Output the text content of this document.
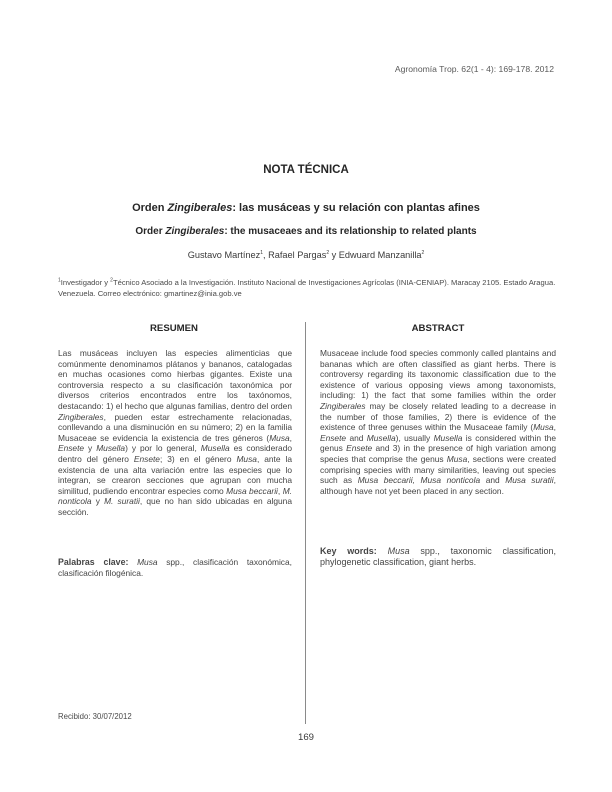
Agronomía Trop. 62(1 - 4): 169-178. 2012
NOTA TÉCNICA
Orden Zingiberales: las musáceas y su relación con plantas afines
Order Zingiberales: the musaceaes and its relationship to related plants
Gustavo Martínez$^1$, Rafael Pargas$^2$ y Edwuard Manzanilla$^2$
$^1$Investigador y $^2$Técnico Asociado a la Investigación. Instituto Nacional de Investigaciones Agrícolas (INIA-CENIAP). Maracay 2105. Estado Aragua. Venezuela. Correo electrónico: gmartinez@inia.gob.ve
RESUMEN	ABSTRACT
Las musáceas incluyen las especies alimenticias que comúnmente denominamos plátanos y bananos, catalogadas en muchas ocasiones como hierbas gigantes. Existe una controversia respecto a su clasificación taxonómica por diversos criterios encontrados entre los taxónomos, destacando: 1) el hecho que algunas familias, dentro del orden Zingiberales, pueden estar estrechamente relacionadas, conllevando a una disminución en su número; 2) en la familia Musaceae se evidencia la existencia de tres géneros (Musa, Ensete y Musella) y por lo general, Musella es considerado dentro del género Ensete; 3) en el género Musa, ante la existencia de una alta variación entre las especies que lo integran, se crearon secciones que agrupan con mucha similitud, pudiendo encontrar especies como Musa beccarii, M. nonticola y M. suratii, que no han sido ubicadas en alguna sección.
Palabras clave: Musa spp., clasificación taxonómica, clasificación filogénica.
Musaceae include food species commonly called plantains and bananas which are often classified as giant herbs. There is controversy regarding its taxonomic classification due to the existence of various opposing views among taxonomists, including: 1) the fact that some families within the order Zingiberales may be closely related leading to a decrease in the number of those families, 2) there is evidence of the existence of three genuses within the Musaceae family (Musa, Ensete and Musella), usually Musella is considered within the genus Ensete and 3) in the presence of high variation among species that comprise the genus Musa, sections were created comprising species with many similarities, leaving out species such as Musa beccarii, Musa nonticola and Musa suratii, although have not yet been placed in any section.
Key words: Musa spp., taxonomic classification, phylogenetic classification, giant herbs.
Recibido: 30/07/2012
169
